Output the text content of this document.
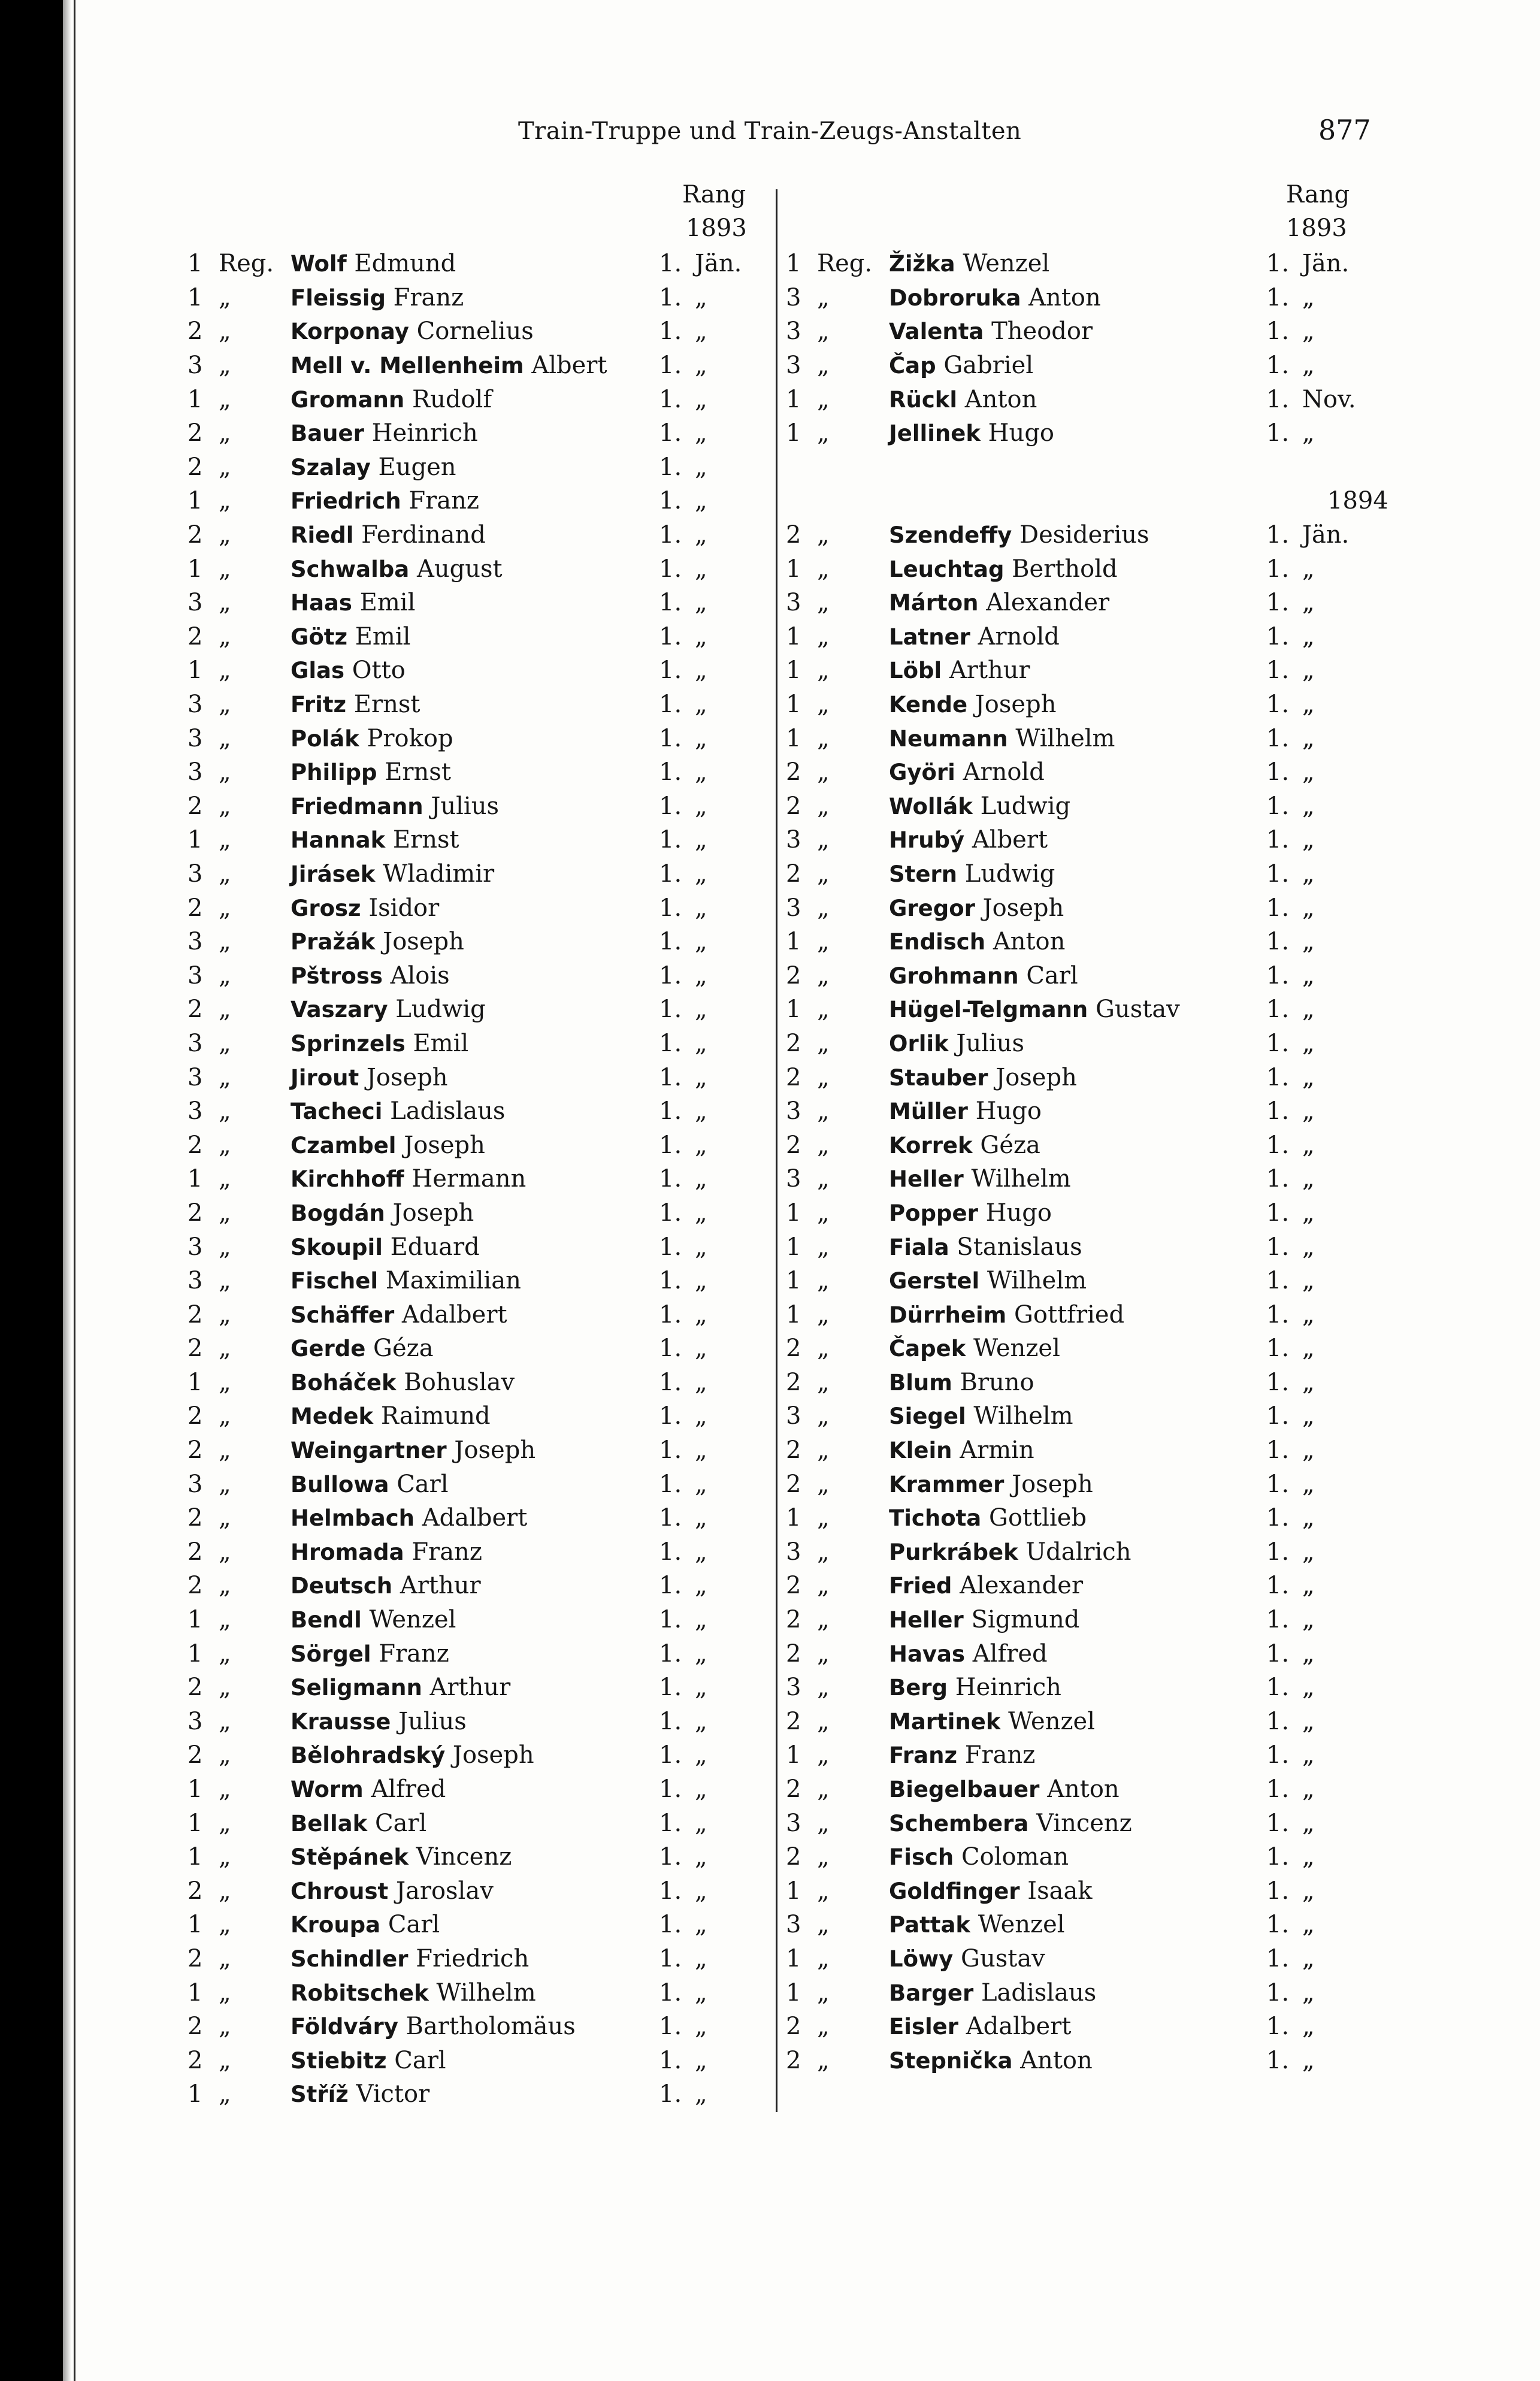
Train-Truppe und Train-Zeugs-Anstalten	877
Rang
1893
Rang
1893
1	Reg.	Wolf Edmund	1.	Jän.
1	„	Fleissig Franz	1.	„
2	„	Korponay Cornelius	1.	„
3	„	Mell v. Mellenheim Albert	1.	„
1	„	Gromann Rudolf	1.	„
2	„	Bauer Heinrich	1.	„
2	„	Szalay Eugen	1.	„
1	„	Friedrich Franz	1.	„
2	„	Riedl Ferdinand	1.	„
1	„	Schwalba August	1.	„
3	„	Haas Emil	1.	„
2	„	Götz Emil	1.	„
1	„	Glas Otto	1.	„
3	„	Fritz Ernst	1.	„
3	„	Polák Prokop	1.	„
3	„	Philipp Ernst	1.	„
2	„	Friedmann Julius	1.	„
1	„	Hannak Ernst	1.	„
3	„	Jirásek Wladimir	1.	„
2	„	Grosz Isidor	1.	„
3	„	Pražák Joseph	1.	„
3	„	Pštross Alois	1.	„
2	„	Vaszary Ludwig	1.	„
3	„	Sprinzels Emil	1.	„
3	„	Jirout Joseph	1.	„
3	„	Tacheci Ladislaus	1.	„
2	„	Czambel Joseph	1.	„
1	„	Kirchhoff Hermann	1.	„
2	„	Bogdán Joseph	1.	„
3	„	Skoupil Eduard	1.	„
3	„	Fischel Maximilian	1.	„
2	„	Schäffer Adalbert	1.	„
2	„	Gerde Géza	1.	„
1	„	Boháček Bohuslav	1.	„
2	„	Medek Raimund	1.	„
2	„	Weingartner Joseph	1.	„
3	„	Bullowa Carl	1.	„
2	„	Helmbach Adalbert	1.	„
2	„	Hromada Franz	1.	„
2	„	Deutsch Arthur	1.	„
1	„	Bendl Wenzel	1.	„
1	„	Sörgel Franz	1.	„
2	„	Seligmann Arthur	1.	„
3	„	Krausse Julius	1.	„
2	„	Bělohradský Joseph	1.	„
1	„	Worm Alfred	1.	„
1	„	Bellak Carl	1.	„
1	„	Stěpánek Vincenz	1.	„
2	„	Chroust Jaroslav	1.	„
1	„	Kroupa Carl	1.	„
2	„	Schindler Friedrich	1.	„
1	„	Robitschek Wilhelm	1.	„
2	„	Földváry Bartholomäus	1.	„
2	„	Stiebitz Carl	1.	„
1	„	Stříž Victor	1.	„
1	Reg.	Žižka Wenzel	1.	Jän.
3	„	Dobroruka Anton	1.	„
3	„	Valenta Theodor	1.	„
3	„	Čap Gabriel	1.	„
1	„	Rückl Anton	1.	Nov.
1	„	Jellinek Hugo	1.	„

				1894
2	„	Szendeffy Desiderius	1.	Jän.
1	„	Leuchtag Berthold	1.	„
3	„	Márton Alexander	1.	„
1	„	Latner Arnold	1.	„
1	„	Löbl Arthur	1.	„
1	„	Kende Joseph	1.	„
1	„	Neumann Wilhelm	1.	„
2	„	Györi Arnold	1.	„
2	„	Wollák Ludwig	1.	„
3	„	Hrubý Albert	1.	„
2	„	Stern Ludwig	1.	„
3	„	Gregor Joseph	1.	„
1	„	Endisch Anton	1.	„
2	„	Grohmann Carl	1.	„
1	„	Hügel-Telgmann Gustav	1.	„
2	„	Orlik Julius	1.	„
2	„	Stauber Joseph	1.	„
3	„	Müller Hugo	1.	„
2	„	Korrek Géza	1.	„
3	„	Heller Wilhelm	1.	„
1	„	Popper Hugo	1.	„
1	„	Fiala Stanislaus	1.	„
1	„	Gerstel Wilhelm	1.	„
1	„	Dürrheim Gottfried	1.	„
2	„	Čapek Wenzel	1.	„
2	„	Blum Bruno	1.	„
3	„	Siegel Wilhelm	1.	„
2	„	Klein Armin	1.	„
2	„	Krammer Joseph	1.	„
1	„	Tichota Gottlieb	1.	„
3	„	Purkrábek Udalrich	1.	„
2	„	Fried Alexander	1.	„
2	„	Heller Sigmund	1.	„
2	„	Havas Alfred	1.	„
3	„	Berg Heinrich	1.	„
2	„	Martinek Wenzel	1.	„
1	„	Franz Franz	1.	„
2	„	Biegelbauer Anton	1.	„
3	„	Schembera Vincenz	1.	„
2	„	Fisch Coloman	1.	„
1	„	Goldfinger Isaak	1.	„
3	„	Pattak Wenzel	1.	„
1	„	Löwy Gustav	1.	„
1	„	Barger Ladislaus	1.	„
2	„	Eisler Adalbert	1.	„
2	„	Stepnička Anton	1.	„
